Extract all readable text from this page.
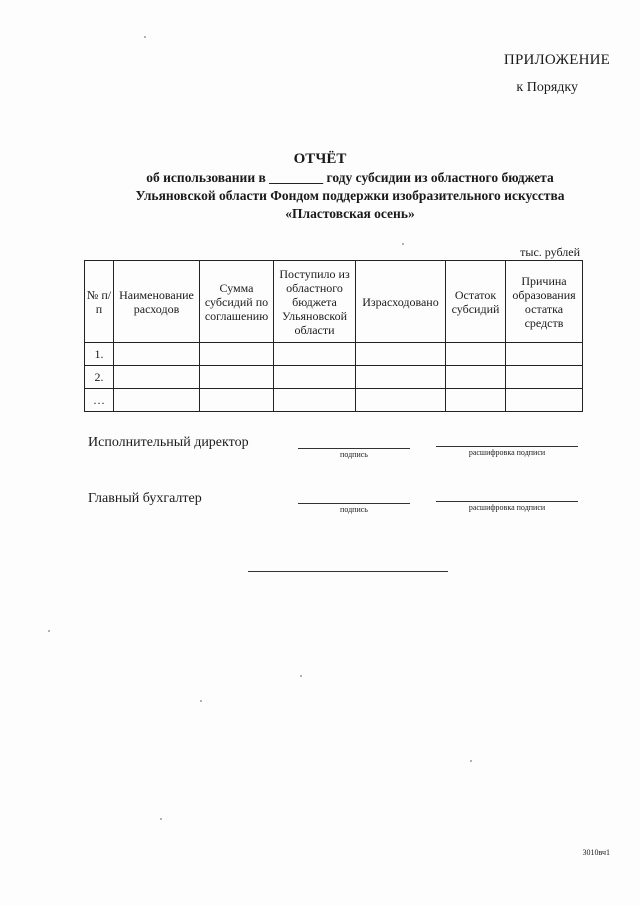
ПРИЛОЖЕНИЕ
к Порядку
ОТЧЁТ
об использовании в ________ году субсидии из областного бюджета
Ульяновской области Фондом поддержки изобразительного искусства
«Пластовская осень»
тыс. рублей
№ п/п	Наименование расходов	Сумма субсидий по соглашению	Поступило из областного бюджета Ульяновской области	Израсходовано	Остаток субсидий	Причина образования остатка средств
1.						
2.						
…						
Исполнительный директор
подпись	расшифровка подписи
Главный бухгалтер
подпись	расшифровка подписи
3010вч1
